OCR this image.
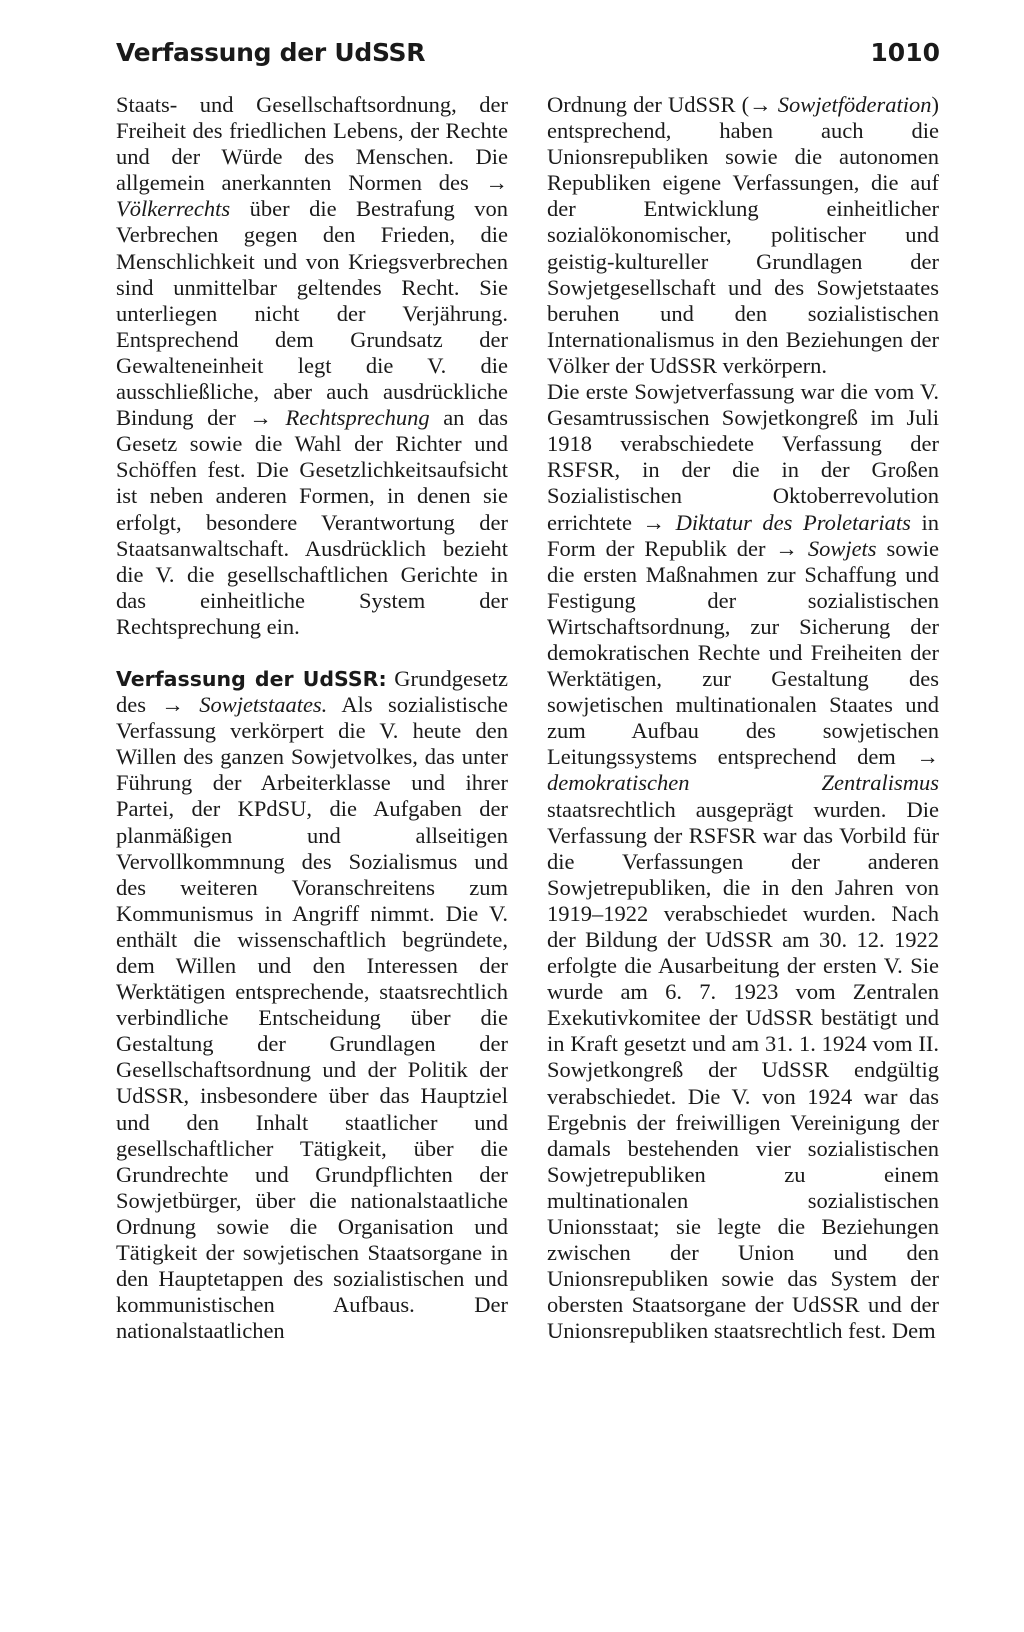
Verfassung der UdSSR	1010

Staats- und Gesellschaftsordnung, der Freiheit des friedlichen Lebens, der Rechte und der Würde des Menschen. Die allgemein anerkannten Normen des → Völkerrechts über die Bestrafung von Verbrechen gegen den Frieden, die Menschlichkeit und von Kriegsverbrechen sind unmittelbar geltendes Recht. Sie unterliegen nicht der Verjährung. Entsprechend dem Grundsatz der Gewalteneinheit legt die V. die ausschließliche, aber auch ausdrückliche Bindung der → Rechtsprechung an das Gesetz sowie die Wahl der Richter und Schöffen fest. Die Gesetzlichkeitsaufsicht ist neben anderen Formen, in denen sie erfolgt, besondere Verantwortung der Staatsanwaltschaft. Ausdrücklich bezieht die V. die gesellschaftlichen Gerichte in das einheitliche System der Rechtsprechung ein.

Verfassung der UdSSR: Grundgesetz des → Sowjetstaates. Als sozialistische Verfassung verkörpert die V. heute den Willen des ganzen Sowjetvolkes, das unter Führung der Arbeiterklasse und ihrer Partei, der KPdSU, die Aufgaben der planmäßigen und allseitigen Vervollkommnung des Sozialismus und des weiteren Voranschreitens zum Kommunismus in Angriff nimmt. Die V. enthält die wissenschaftlich begründete, dem Willen und den Interessen der Werktätigen entsprechende, staatsrechtlich verbindliche Entscheidung über die Gestaltung der Grundlagen der Gesellschaftsordnung und der Politik der UdSSR, insbesondere über das Hauptziel und den Inhalt staatlicher und gesellschaftlicher Tätigkeit, über die Grundrechte und Grundpflichten der Sowjetbürger, über die nationalstaatliche Ordnung sowie die Organisation und Tätigkeit der sowjetischen Staatsorgane in den Hauptetappen des sozialistischen und kommunistischen Aufbaus. Der nationalstaatlichen

Ordnung der UdSSR (→ Sowjetföderation) entsprechend, haben auch die Unionsrepubliken sowie die autonomen Republiken eigene Verfassungen, die auf der Entwicklung einheitlicher sozialökonomischer, politischer und geistig-kultureller Grundlagen der Sowjetgesellschaft und des Sowjetstaates beruhen und den sozialistischen Internationalismus in den Beziehungen der Völker der UdSSR verkörpern.

Die erste Sowjetverfassung war die vom V. Gesamtrussischen Sowjetkongreß im Juli 1918 verabschiedete Verfassung der RSFSR, in der die in der Großen Sozialistischen Oktoberrevolution errichtete → Diktatur des Proletariats in Form der Republik der → Sowjets sowie die ersten Maßnahmen zur Schaffung und Festigung der sozialistischen Wirtschaftsordnung, zur Sicherung der demokratischen Rechte und Freiheiten der Werktätigen, zur Gestaltung des sowjetischen multinationalen Staates und zum Aufbau des sowjetischen Leitungssystems entsprechend dem → demokratischen Zentralismus staatsrechtlich ausgeprägt wurden. Die Verfassung der RSFSR war das Vorbild für die Verfassungen der anderen Sowjetrepubliken, die in den Jahren von 1919–1922 verabschiedet wurden. Nach der Bildung der UdSSR am 30. 12. 1922 erfolgte die Ausarbeitung der ersten V. Sie wurde am 6. 7. 1923 vom Zentralen Exekutivkomitee der UdSSR bestätigt und in Kraft gesetzt und am 31. 1. 1924 vom II. Sowjetkongreß der UdSSR endgültig verabschiedet. Die V. von 1924 war das Ergebnis der freiwilligen Vereinigung der damals bestehenden vier sozialistischen Sowjetrepubliken zu einem multinationalen sozialistischen Unionsstaat; sie legte die Beziehungen zwischen der Union und den Unionsrepubliken sowie das System der obersten Staatsorgane der UdSSR und der Unionsrepubliken staatsrechtlich fest. Dem
